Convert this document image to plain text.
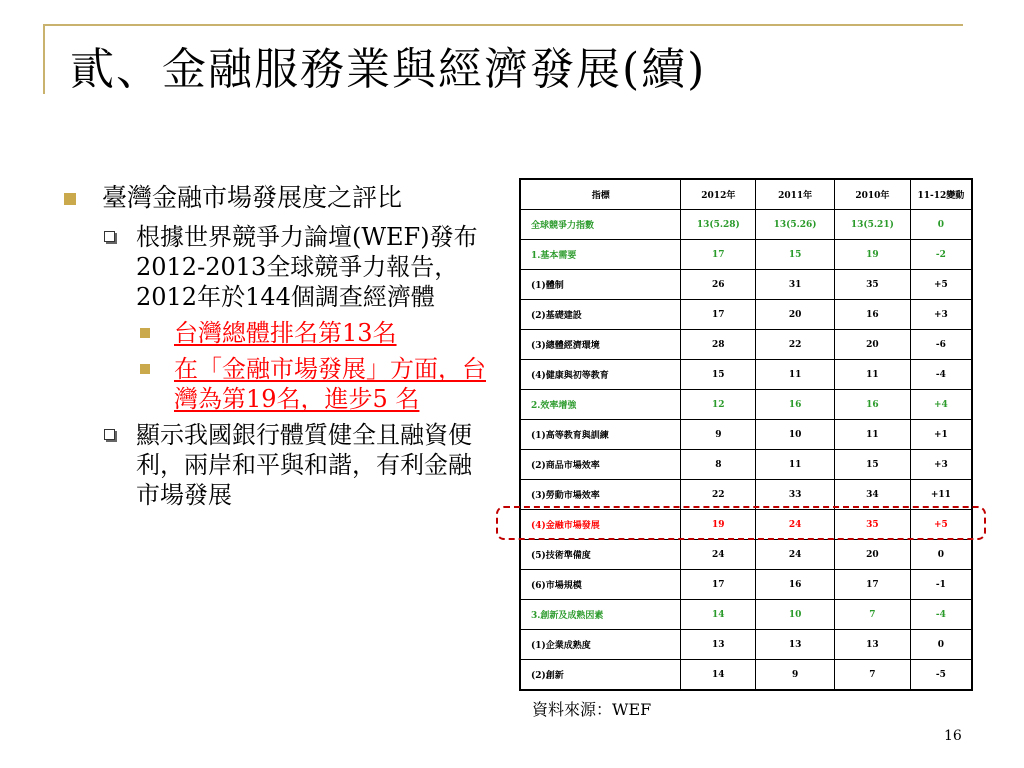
貳、金融服務業與經濟發展(續)
臺灣金融市場發展度之評比
根據世界競爭力論壇(WEF)發布2012-2013全球競爭力報告，2012年於144個調查經濟體
台灣總體排名第13名
在「金融市場發展」方面，台灣為第19名，進步5 名
顯示我國銀行體質健全且融資便利，兩岸和平與和諧，有利金融市場發展
指標	2012年	2011年	2010年	11-12變動
全球競爭力指數	13(5.28)	13(5.26)	13(5.21)	0
1.基本需要	17	15	19	-2
(1)體制	26	31	35	+5
(2)基礎建設	17	20	16	+3
(3)總體經濟環境	28	22	20	-6
(4)健康與初等教育	15	11	11	-4
2.效率增強	12	16	16	+4
(1)高等教育與訓練	9	10	11	+1
(2)商品市場效率	8	11	15	+3
(3)勞動市場效率	22	33	34	+11
(4)金融市場發展	19	24	35	+5
(5)技術準備度	24	24	20	0
(6)市場規模	17	16	17	-1
3.創新及成熟因素	14	10	7	-4
(1)企業成熟度	13	13	13	0
(2)創新	14	9	7	-5
資料來源：WEF
16
